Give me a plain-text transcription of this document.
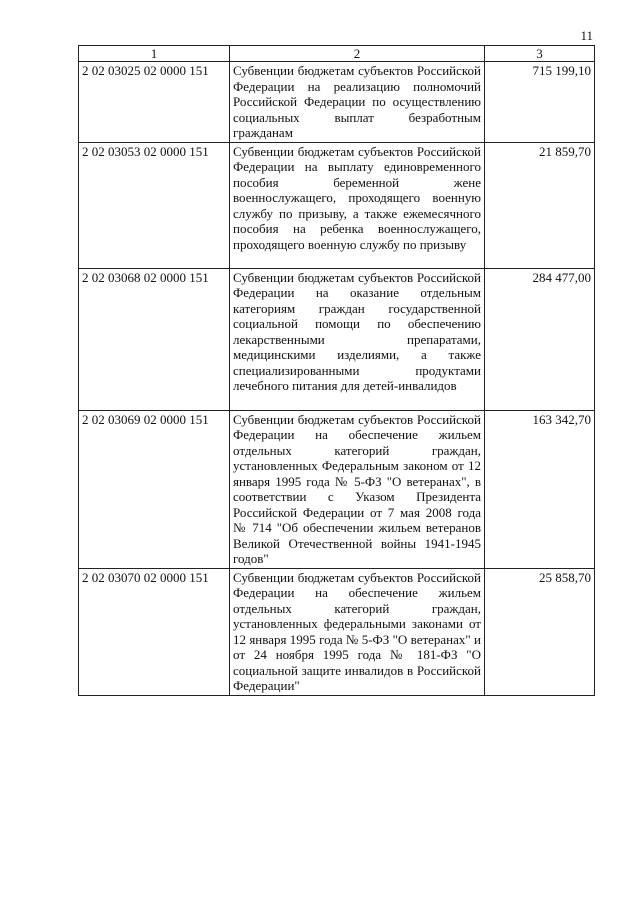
11
1	2	3
2 02 03025 02 0000 151	Субвенции бюджетам субъектов Российской Федерации на реализацию полномочий Российской Федерации по осуществлению социальных выплат безработным гражданам	715 199,10
2 02 03053 02 0000 151	Субвенции бюджетам субъектов Российской Федерации на выплату единовременного пособия беременной жене военнослужащего, проходящего военную службу по призыву, а также ежемесячного пособия на ребенка военнослужащего, проходящего военную службу по призыву	21 859,70
2 02 03068 02 0000 151	Субвенции бюджетам субъектов Российской Федерации на оказание отдельным категориям граждан государственной социальной помощи по обеспечению лекарственными препаратами, медицинскими изделиями, а также специализированными продуктами лечебного питания для детей-инвалидов	284 477,00
2 02 03069 02 0000 151	Субвенции бюджетам субъектов Российской Федерации на обеспечение жильем отдельных категорий граждан, установленных Федеральным законом от 12 января 1995 года № 5-ФЗ "О ветеранах", в соответствии с Указом Президента Российской Федерации от 7 мая 2008 года № 714 "Об обеспечении жильем ветеранов Великой Отечественной войны 1941-1945 годов"	163 342,70
2 02 03070 02 0000 151	Субвенции бюджетам субъектов Российской Федерации на обеспечение жильем отдельных категорий граждан, установленных федеральными законами от 12 января 1995 года № 5-ФЗ "О ветеранах" и от 24 ноября 1995 года № 181-ФЗ "О социальной защите инвалидов в Российской Федерации"	25 858,70
